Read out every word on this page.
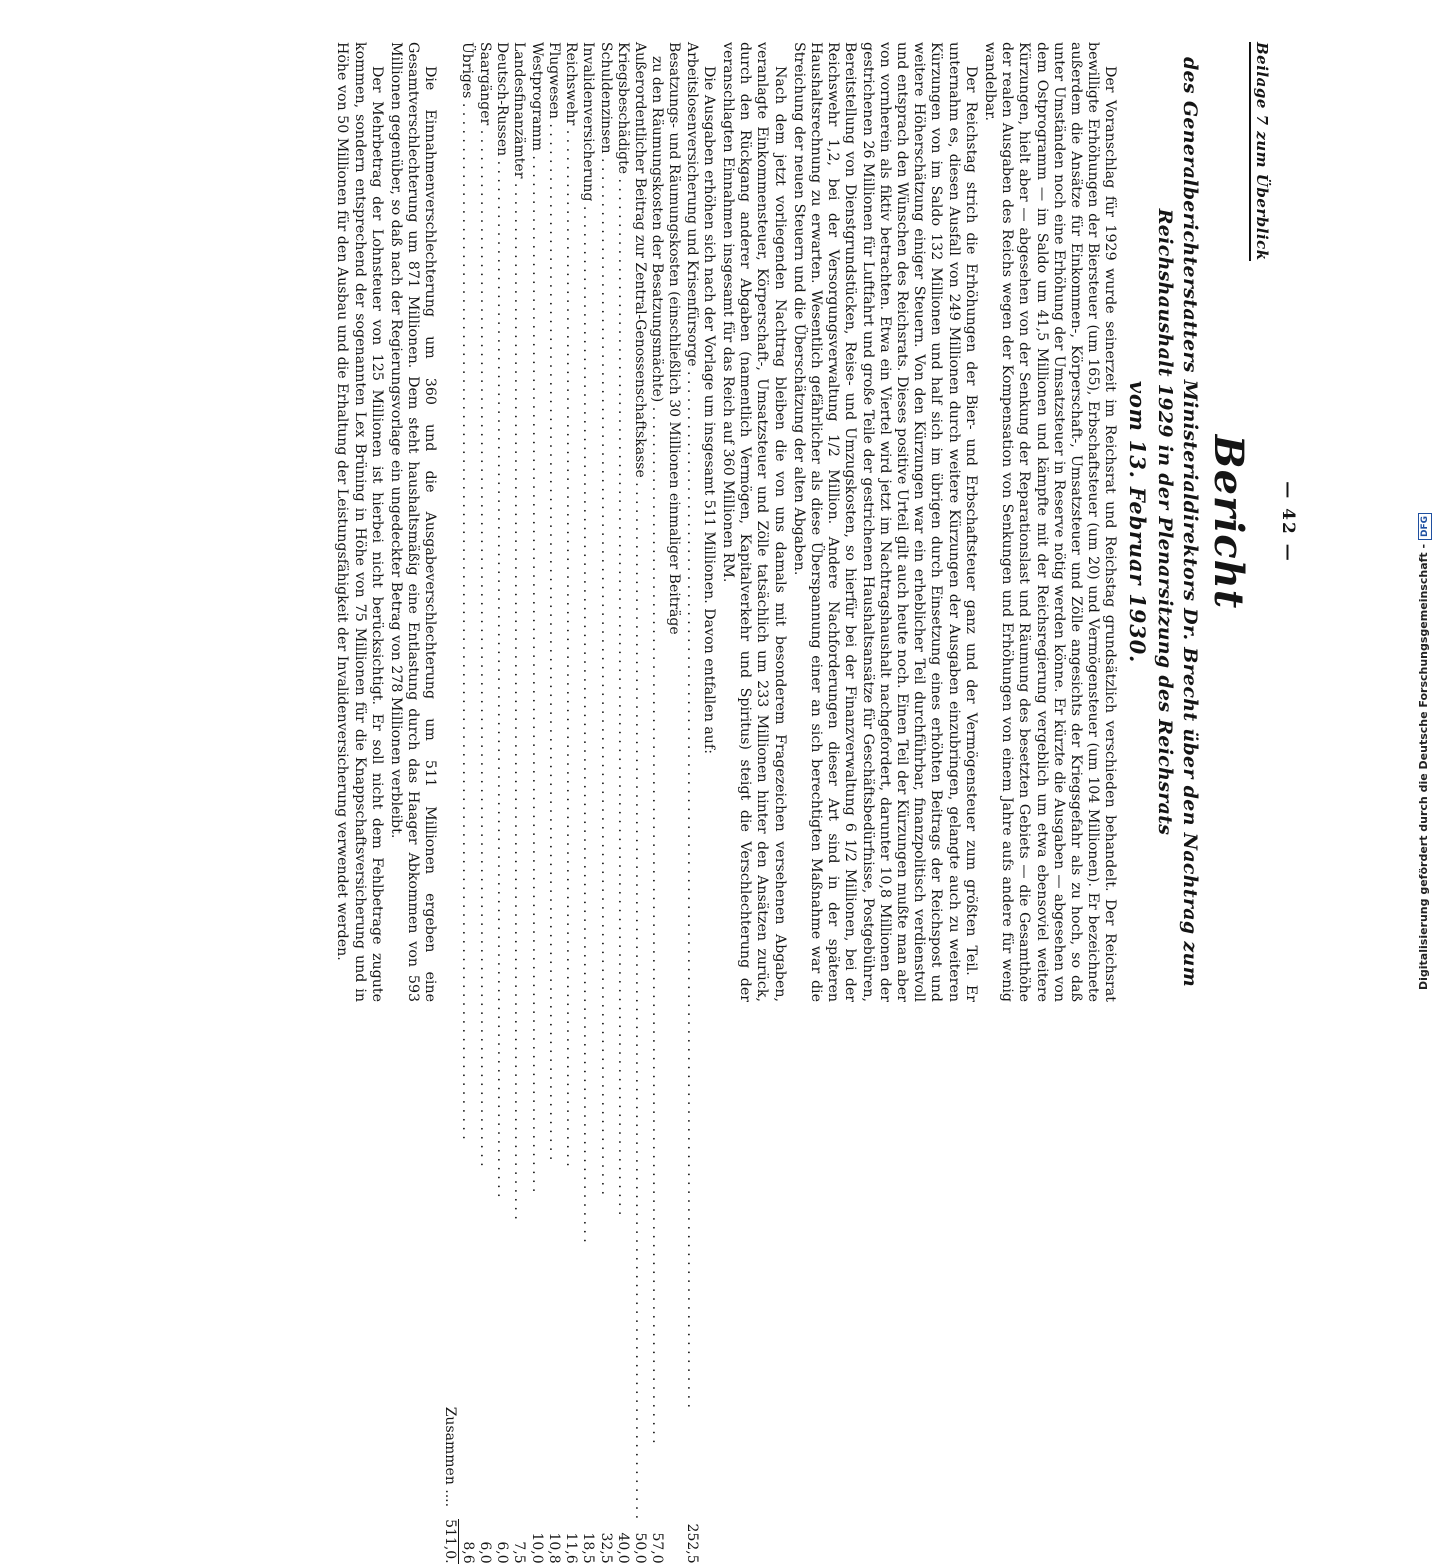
— 42 —
Beilage 7 zum Überblick
Bericht
des Generalberichterstatters Ministerialdirektors Dr. Brecht über den Nachtrag zum Reichshaushalt 1929 in der Plenarsitzung des Reichsrats
vom 13. Februar 1930.

Der Voranschlag für 1929 wurde seinerzeit im Reichsrat und Reichstag grundsätzlich verschieden behandelt. Der Reichsrat bewilligte Erhöhungen der Biersteuer (um 165), Erbschaftsteuer (um 20) und Vermögensteuer (um 104 Millionen). Er bezeichnete außerdem die Ansätze für Einkommen-, Körperschaft-, Umsatzsteuer und Zölle angesichts der Kriegsgefahr als zu hoch, so daß unter Umständen noch eine Erhöhung der Umsatzsteuer in Reserve nötig werden könne. Er kürzte die Ausgaben — abgesehen von dem Ostprogramm — im Saldo um 41,5 Millionen und kämpfte mit der Reichsregierung vergeblich um etwa ebensoviel weitere Kürzungen, hielt aber — abgesehen von der Senkung der Reparationslast und Räumung des besetzten Gebiets — die Gesamthöhe der realen Ausgaben des Reichs wegen der Kompensation von Senkungen und Erhöhungen von einem Jahre aufs andere für wenig wandelbar.

Der Reichstag strich die Erhöhungen der Bier- und Erbschaftsteuer ganz und der Vermögensteuer zum größten Teil. Er unternahm es, diesen Ausfall von 249 Millionen durch weitere Kürzungen der Ausgaben einzubringen, gelangte auch zu weiteren Kürzungen von im Saldo 132 Millionen und half sich im übrigen durch Einsetzung eines erhöhten Beitrags der Reichspost und weitere Höherschätzung einiger Steuern. Von den Kürzungen war ein erheblicher Teil durchführbar, finanzpolitisch verdienstvoll und entsprach den Wünschen des Reichsrats. Dieses positive Urteil gilt auch heute noch. Einen Teil der Kürzungen mußte man aber von vornherein als fiktiv betrachten. Etwa ein Viertel wird jetzt im Nachtragshaushalt nachgefordert, darunter 10,8 Millionen der gestrichenen 26 Millionen für Luftfahrt und große Teile der gestrichenen Haushaltsansätze für Geschäftsbedürfnisse, Postgebühren, Bereitstellung von Dienstgrundstücken, Reise- und Umzugskosten, so hierfür bei der Finanzverwaltung 6 1/2 Millionen, bei der Reichswehr 1,2, bei der Versorgungsverwaltung 1/2 Million. Andere Nachforderungen dieser Art sind in der späteren Haushaltsrechnung zu erwarten. Wesentlich gefährlicher als diese Überspannung einer an sich berechtigten Maßnahme war die Streichung der neuen Steuern und die Überschätzung der alten Abgaben.

Nach dem jetzt vorliegenden Nachtrag bleiben die von uns damals mit besonderem Fragezeichen versehenen Abgaben, veranlagte Einkommensteuer, Körperschaft-, Umsatzsteuer und Zölle tatsächlich um 233 Millionen hinter den Ansätzen zurück, durch den Rückgang anderer Abgaben (namentlich Vermögen, Kapitalverkehr und Spiritus) steigt die Verschlechterung der veranschlagten Einnahmen insgesamt für das Reich auf 360 Millionen RM.

Die Ausgaben erhöhen sich nach der Vorlage um insgesamt 511 Millionen. Davon entfallen auf:
Arbeitslosenversicherung und Krisenfürsorge . . .	252,5
Besatzungs- und Räumungskosten (einschließlich 30 Millionen einmaliger Beiträge
zu den Räumungskosten der Besatzungsmächte) . . .	57,0
Außerordentlicher Beitrag zur Zentral-Genossenschaftskasse . . .	50,0
Kriegsbeschädigte . . .	40,0
Schuldenzinsen . . .	32,5
Invalidenversicherung . . .	18,5
Reichswehr . . .	11,6
Flugwesen . . .	10,8
Westprogramm . . .	10,0
Landesfinanzämter . . .	7,5
Deutsch-Russen . . .	6,0
Saargänger . . .	6,0
Übriges . . .	8,6
Zusammen ....	511,0.

Die Einnahmenverschlechterung um 360 und die Ausgabeverschlechterung um 511 Millionen ergeben eine Gesamtverschlechterung um 871 Millionen. Dem steht haushaltsmäßig eine Entlastung durch das Haager Abkommen von 593 Millionen gegenüber, so daß nach der Regierungsvorlage ein ungedeckter Betrag von 278 Millionen verbleibt.

Der Mehrbetrag der Lohnsteuer von 125 Millionen ist hierbei nicht berücksichtigt. Er soll nicht dem Fehlbetrage zugute kommen, sondern entsprechend der sogenannten Lex Brüning in Höhe von 75 Millionen für die Knappschaftsversicherung und in Höhe von 50 Millionen für den Ausbau und die Erhaltung der Leistungsfähigkeit der Invalidenversicherung verwendet werden.	Digitalisierung gefördert durch die Deutsche Forschungsgemeinschaft -DFG
